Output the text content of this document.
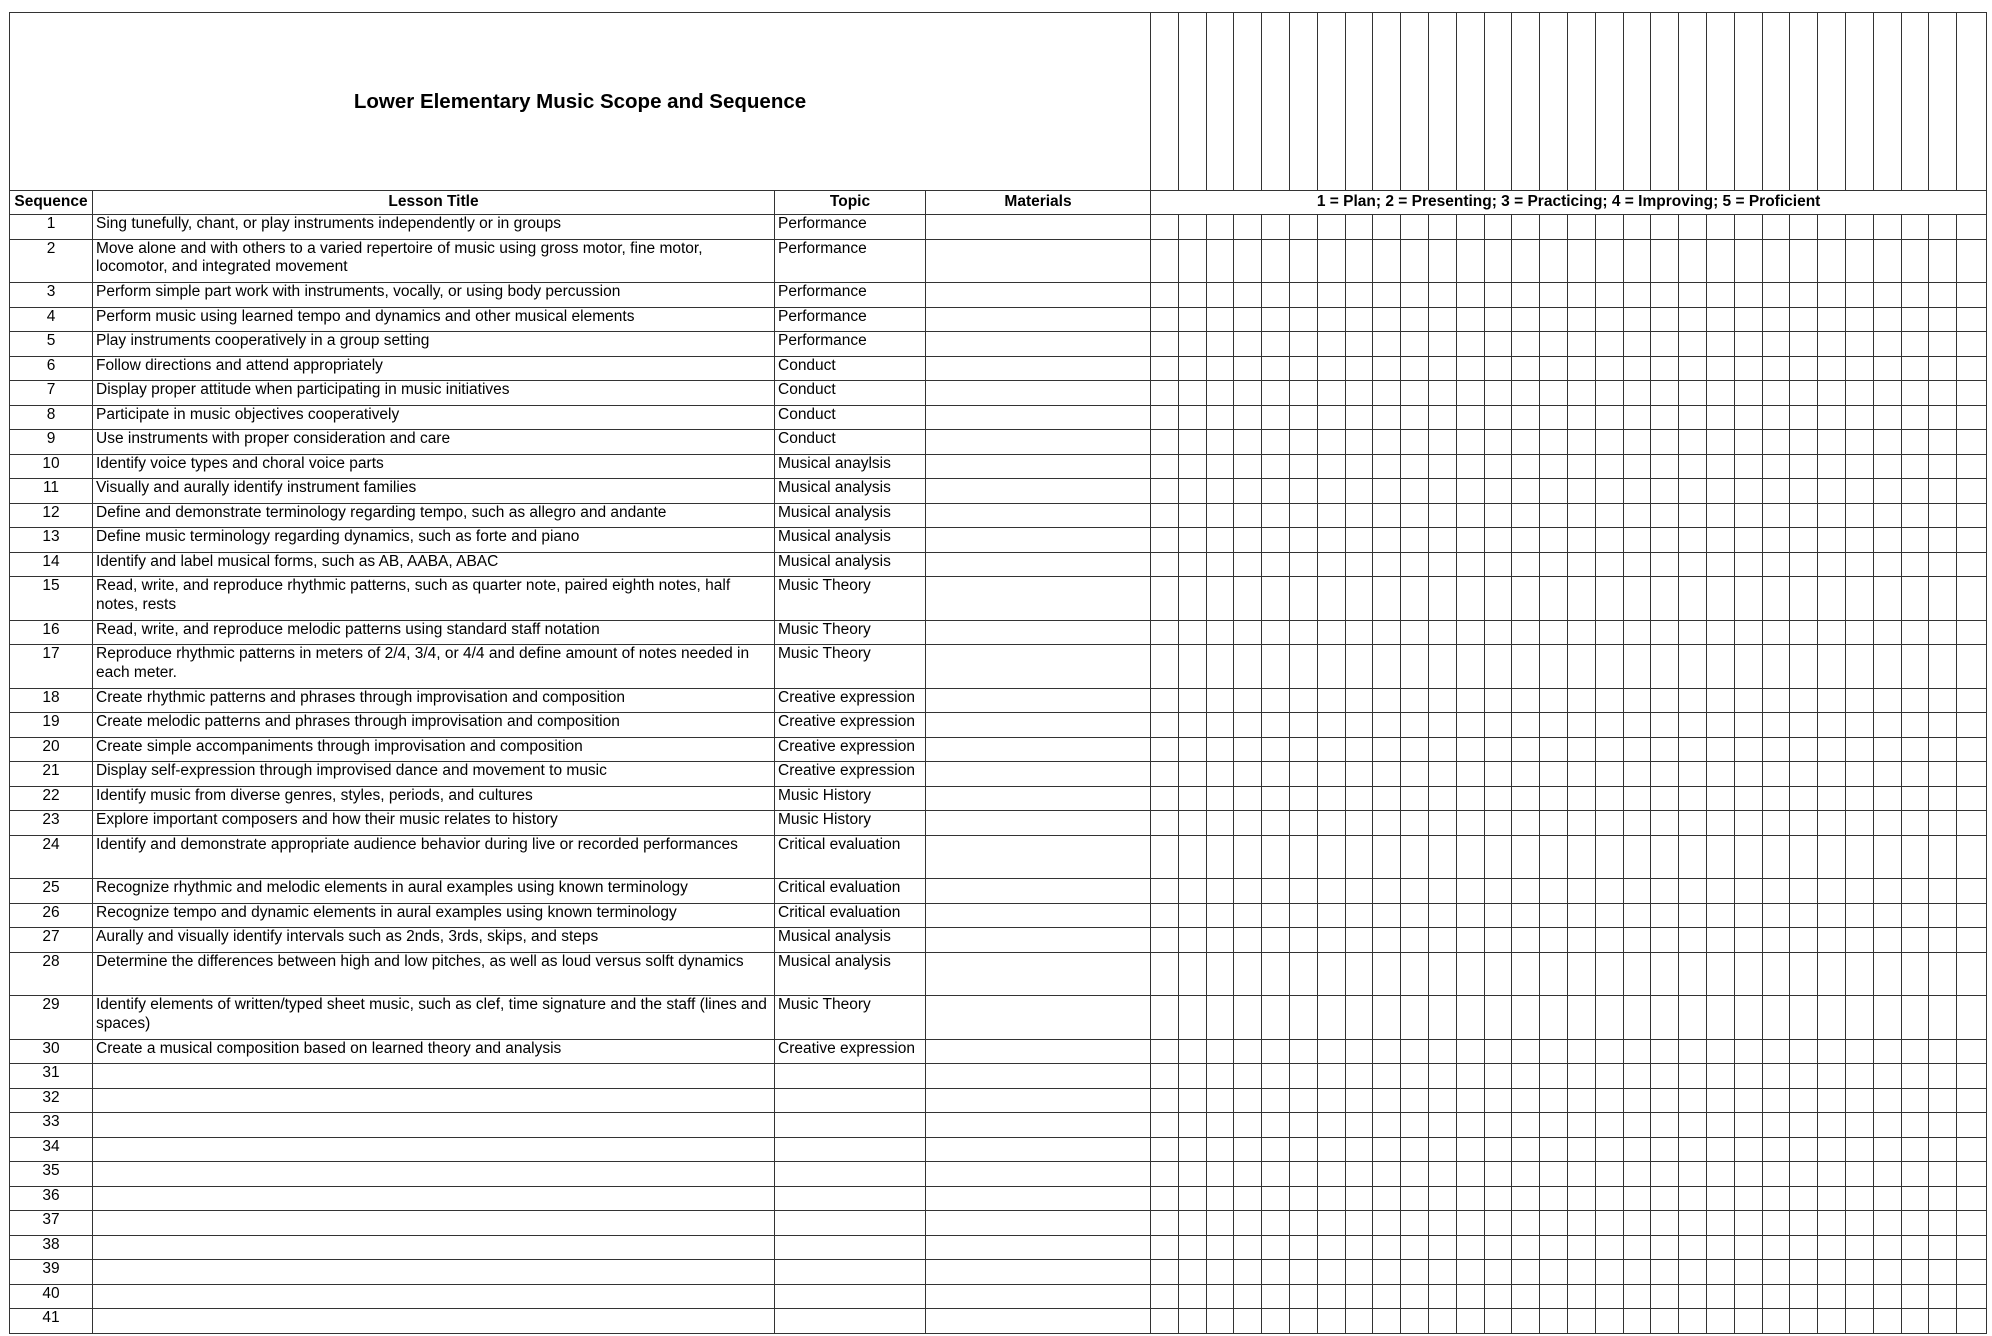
Lower Elementary Music Scope and Sequence																																	
Sequence	Lesson Title	Topic	Materials	1 = Plan; 2 = Presenting; 3 = Practicing; 4 = Improving; 5 = Proficient																													
1	Sing tunefully, chant, or play instruments independently or in groups	Performance																															
2	Move alone and with others to a varied repertoire of music using gross motor, fine motor, locomotor, and integrated movement	Performance																															
3	Perform simple part work with instruments, vocally, or using body percussion	Performance																															
4	Perform music using learned tempo and dynamics and other musical elements	Performance																															
5	Play instruments cooperatively in a group setting	Performance																															
6	Follow directions and attend appropriately	Conduct																															
7	Display proper attitude when participating in music initiatives	Conduct																															
8	Participate in music objectives cooperatively	Conduct																															
9	Use instruments with proper consideration and care	Conduct																															
10	Identify voice types and choral voice parts	Musical anaylsis																															
11	Visually and aurally identify instrument families	Musical analysis																															
12	Define and demonstrate terminology regarding tempo, such as allegro and andante	Musical analysis																															
13	Define music terminology regarding dynamics, such as forte and piano	Musical analysis																															
14	Identify and label musical forms, such as AB, AABA, ABAC	Musical analysis																															
15	Read, write, and reproduce rhythmic patterns, such as quarter note, paired eighth notes, half notes, rests	Music Theory																															
16	Read, write, and reproduce melodic patterns using standard staff notation	Music Theory																															
17	Reproduce rhythmic patterns in meters of 2/4, 3/4, or 4/4 and define amount of notes needed in each meter.	Music Theory																															
18	Create rhythmic patterns and phrases through improvisation and composition	Creative expression																															
19	Create melodic patterns and phrases through improvisation and composition	Creative expression																															
20	Create simple accompaniments through improvisation and composition	Creative expression																															
21	Display self-expression through improvised dance and movement to music	Creative expression																															
22	Identify music from diverse genres, styles, periods, and cultures	Music History																															
23	Explore important composers and how their music relates to history	Music History																															
24	Identify and demonstrate appropriate audience behavior during live or recorded performances	Critical evaluation																															
25	Recognize rhythmic and melodic elements in aural examples using known terminology	Critical evaluation																															
26	Recognize tempo and dynamic elements in aural examples using known terminology	Critical evaluation																															
27	Aurally and visually identify intervals such as 2nds, 3rds, skips, and steps	Musical analysis																															
28	Determine the differences between high and low pitches, as well as loud versus solft dynamics	Musical analysis																															
29	Identify elements of written/typed sheet music, such as clef, time signature and the staff (lines and spaces)	Music Theory																															
30	Create a musical composition based on learned theory and analysis	Creative expression																															
31																																	
32																																	
33																																	
34																																	
35																																	
36																																	
37																																	
38																																	
39																																	
40																																	
41																																	
